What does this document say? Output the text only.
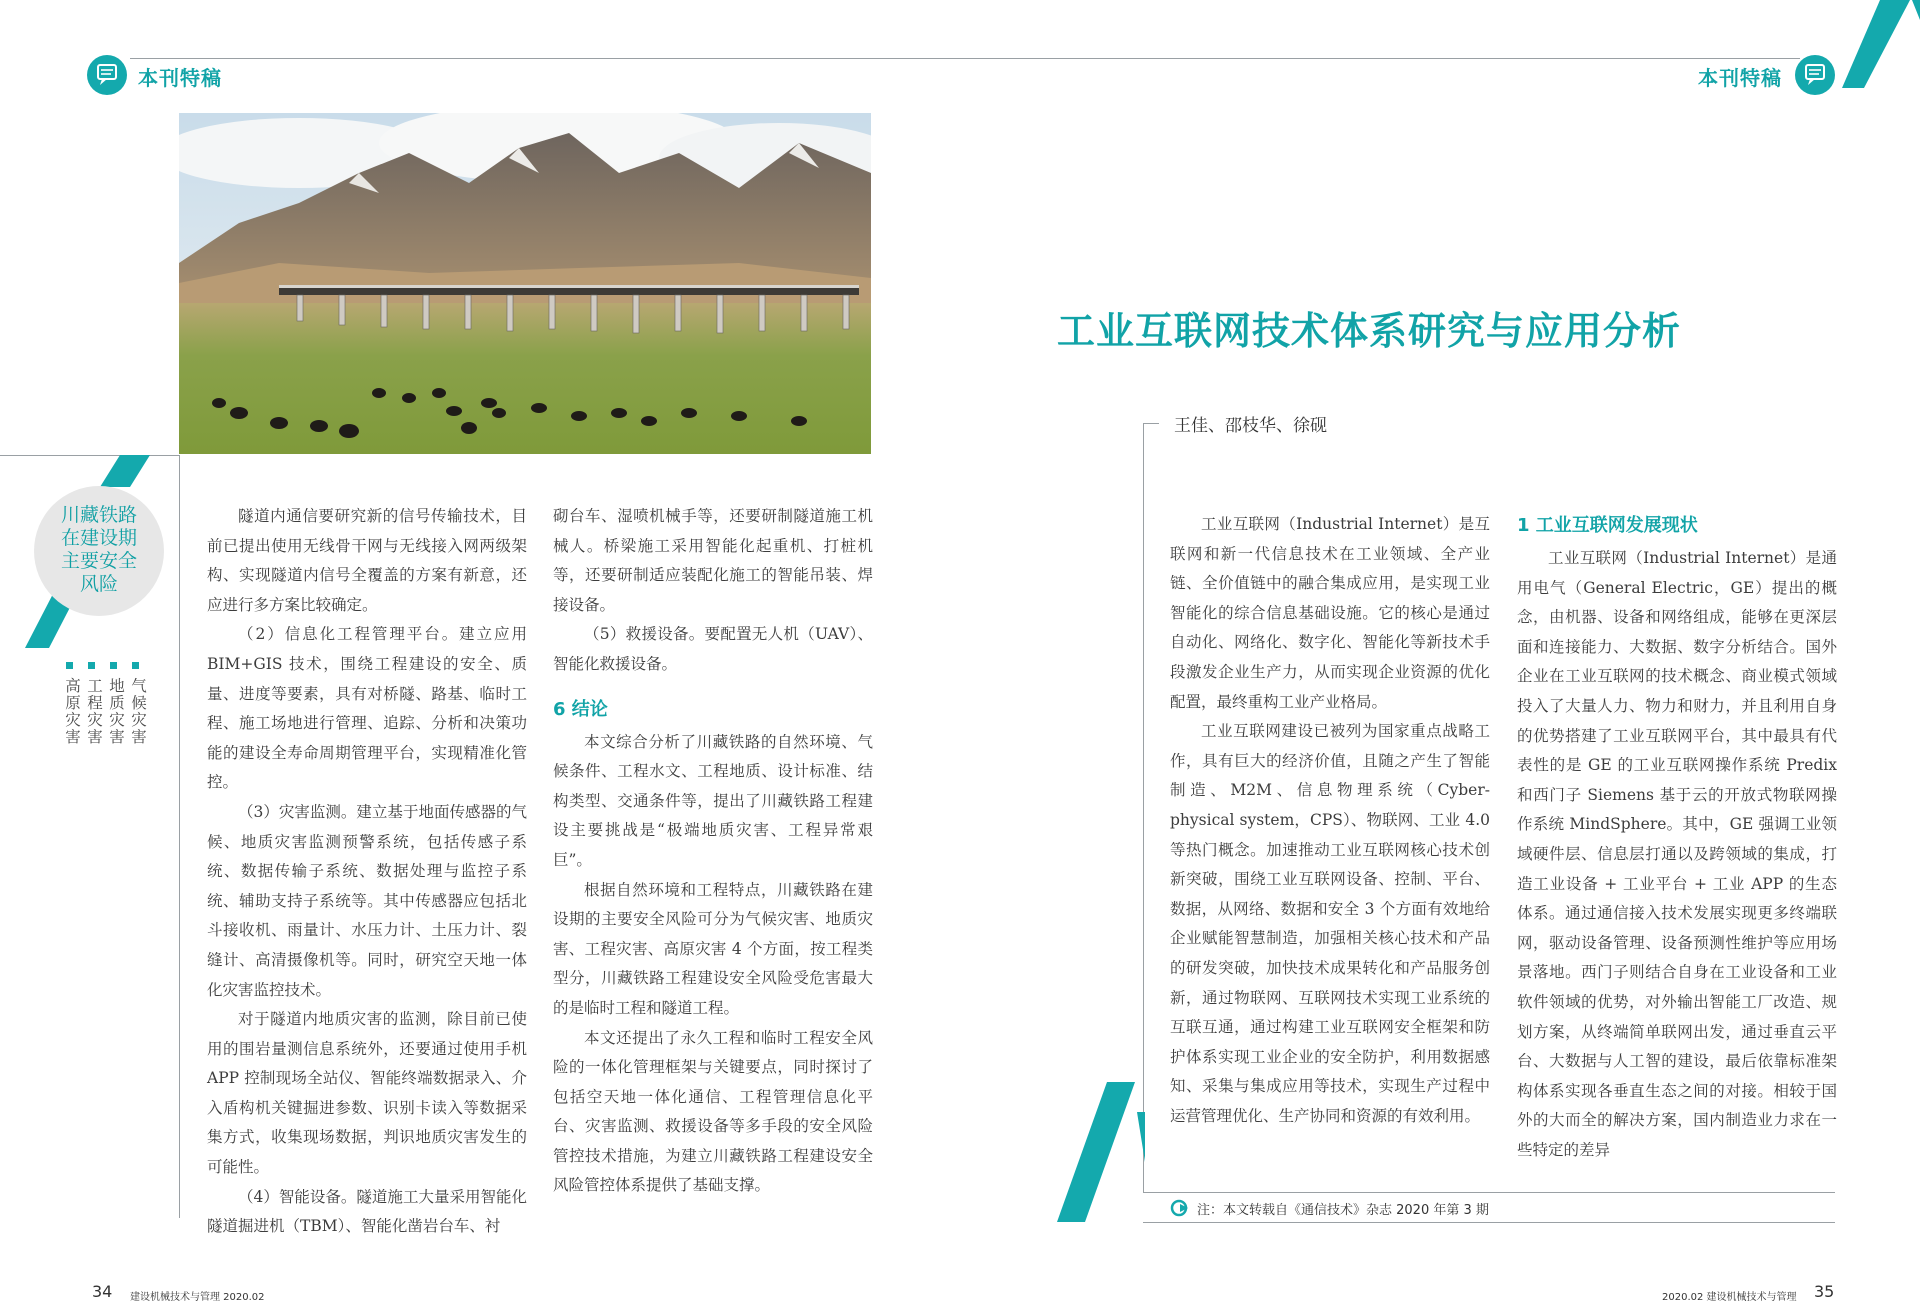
本刊特稿	本刊特稿
川藏铁路
在建设期
主要安全
风险
气候灾害
地质灾害
工程灾害
高原灾害

隧道内通信要研究新的信号传输技术，目前已提出使用无线骨干网与无线接入网两级架构、实现隧道内信号全覆盖的方案有新意，还应进行多方案比较确定。

（2）信息化工程管理平台。建立应用 BIM+GIS 技术，围绕工程建设的安全、质量、进度等要素，具有对桥隧、路基、临时工程、施工场地进行管理、追踪、分析和决策功能的建设全寿命周期管理平台，实现精准化管控。

（3）灾害监测。建立基于地面传感器的气候、地质灾害监测预警系统，包括传感子系统、数据传输子系统、数据处理与监控子系统、辅助支持子系统等。其中传感器应包括北斗接收机、雨量计、水压力计、土压力计、裂缝计、高清摄像机等。同时，研究空天地一体化灾害监控技术。

对于隧道内地质灾害的监测，除目前已使用的围岩量测信息系统外，还要通过使用手机 APP 控制现场全站仪、智能终端数据录入、介入盾构机关键掘进参数、识别卡读入等数据采集方式，收集现场数据，判识地质灾害发生的可能性。

（4）智能设备。隧道施工大量采用智能化隧道掘进机（TBM）、智能化凿岩台车、衬

砌台车、湿喷机械手等，还要研制隧道施工机械人。桥梁施工采用智能化起重机、打桩机等，还要研制适应装配化施工的智能吊装、焊接设备。

（5）救援设备。要配置无人机（UAV）、智能化救援设备。

6 结论

本文综合分析了川藏铁路的自然环境、气候条件、工程水文、工程地质、设计标准、结构类型、交通条件等，提出了川藏铁路工程建设主要挑战是“极端地质灾害、工程异常艰巨”。

根据自然环境和工程特点，川藏铁路在建设期的主要安全风险可分为气候灾害、地质灾害、工程灾害、高原灾害 4 个方面，按工程类型分，川藏铁路工程建设安全风险受危害最大的是临时工程和隧道工程。

本文还提出了永久工程和临时工程安全风险的一体化管理框架与关键要点，同时探讨了包括空天地一体化通信、工程管理信息化平台、灾害监测、救援设备等多手段的安全风险管控技术措施，为建立川藏铁路工程建设安全风险管控体系提供了基础支撑。

工业互联网技术体系研究与应用分析
王佳、邵枝华、徐砚

工业互联网（Industrial Internet）是互联网和新一代信息技术在工业领域、全产业链、全价值链中的融合集成应用，是实现工业智能化的综合信息基础设施。它的核心是通过自动化、网络化、数字化、智能化等新技术手段激发企业生产力，从而实现企业资源的优化配置，最终重构工业产业格局。

工业互联网建设已被列为国家重点战略工作，具有巨大的经济价值，且随之产生了智能制造、M2M、信息物理系统（Cyber-physical system，CPS）、物联网、工业 4.0 等热门概念。加速推动工业互联网核心技术创新突破，围绕工业互联网设备、控制、平台、数据，从网络、数据和安全 3 个方面有效地给企业赋能智慧制造，加强相关核心技术和产品的研发突破，加快技术成果转化和产品服务创新，通过物联网、互联网技术实现工业系统的互联互通，通过构建工业互联网安全框架和防护体系实现工业企业的安全防护，利用数据感知、采集与集成应用等技术，实现生产过程中运营管理优化、生产协同和资源的有效利用。

1 工业互联网发展现状

工业互联网（Industrial Internet）是通用电气（General Electric，GE）提出的概念，由机器、设备和网络组成，能够在更深层面和连接能力、大数据、数字分析结合。国外企业在工业互联网的技术概念、商业模式领域投入了大量人力、物力和财力，并且利用自身的优势搭建了工业互联网平台，其中最具有代表性的是 GE 的工业互联网操作系统 Predix 和西门子 Siemens 基于云的开放式物联网操作系统 MindSphere。其中，GE 强调工业领域硬件层、信息层打通以及跨领域的集成，打造工业设备 + 工业平台 + 工业 APP 的生态体系。通过通信接入技术发展实现更多终端联网，驱动设备管理、设备预测性维护等应用场景落地。西门子则结合自身在工业设备和工业软件领域的优势，对外输出智能工厂改造、规划方案，从终端简单联网出发，通过垂直云平台、大数据与人工智的建设，最后依靠标准架构体系实现各垂直生态之间的对接。相较于国外的大而全的解决方案，国内制造业力求在一些特定的差异

注：本文转载自《通信技术》杂志 2020 年第 3 期
34 建设机械技术与管理 2020.02	2020.02 建设机械技术与管理 35
